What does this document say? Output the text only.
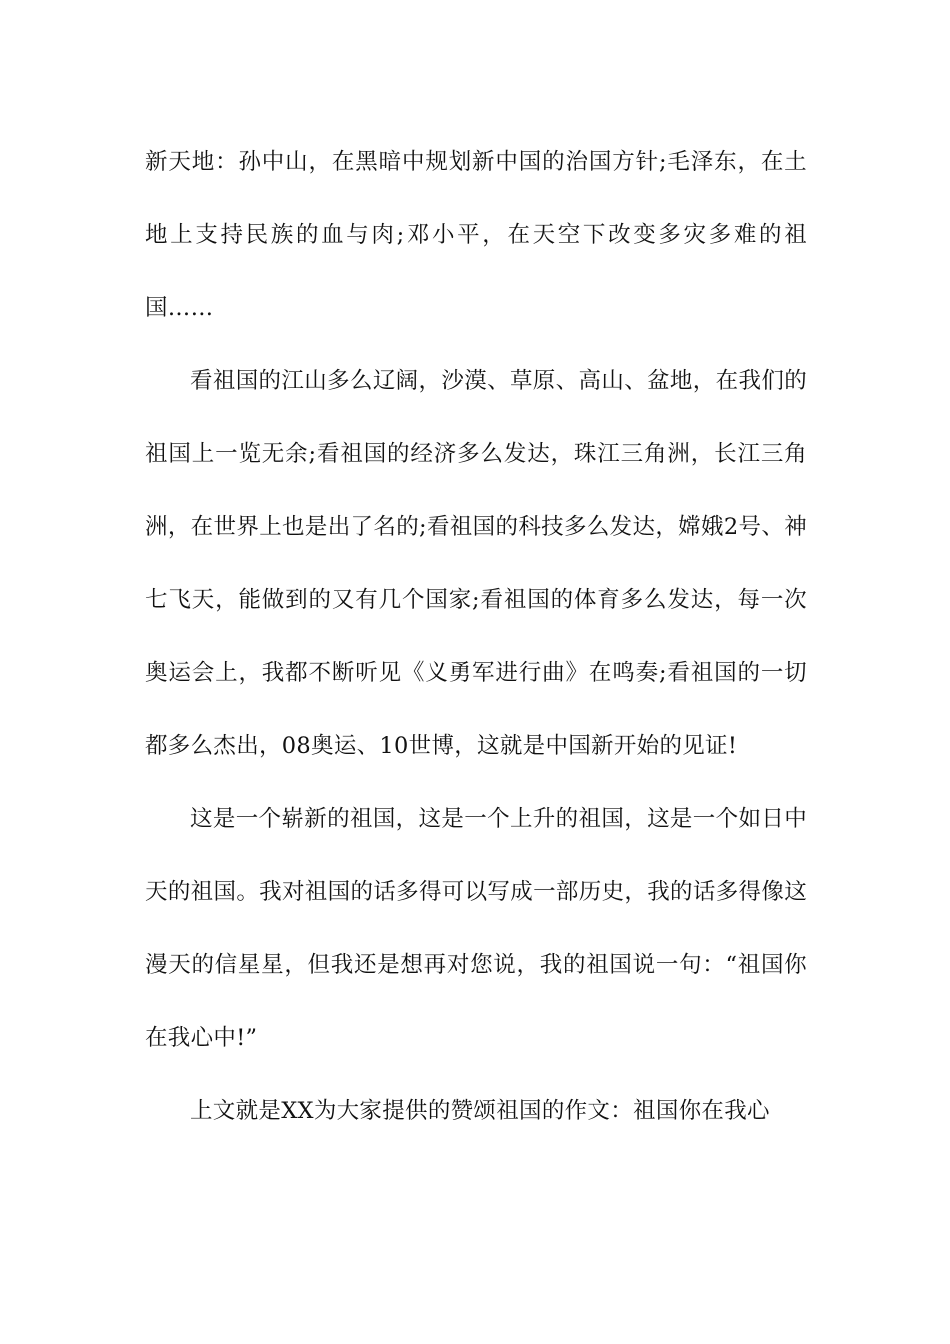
新天地：孙中山，在黑暗中规划新中国的治国方针;毛泽东，在土地上支持民族的血与肉;邓小平，在天空下改变多灾多难的祖国……

看祖国的江山多么辽阔，沙漠、草原、高山、盆地，在我们的祖国上一览无余;看祖国的经济多么发达，珠江三角洲，长江三角洲，在世界上也是出了名的;看祖国的科技多么发达，嫦娥2号、神七飞天，能做到的又有几个国家;看祖国的体育多么发达，每一次奥运会上，我都不断听见《义勇军进行曲》在鸣奏;看祖国的一切都多么杰出，08奥运、10世博，这就是中国新开始的见证!

这是一个崭新的祖国，这是一个上升的祖国，这是一个如日中天的祖国。我对祖国的话多得可以写成一部历史，我的话多得像这漫天的信星星，但我还是想再对您说，我的祖国说一句：“祖国你在我心中!”

上文就是XX为大家提供的赞颂祖国的作文：祖国你在我心
